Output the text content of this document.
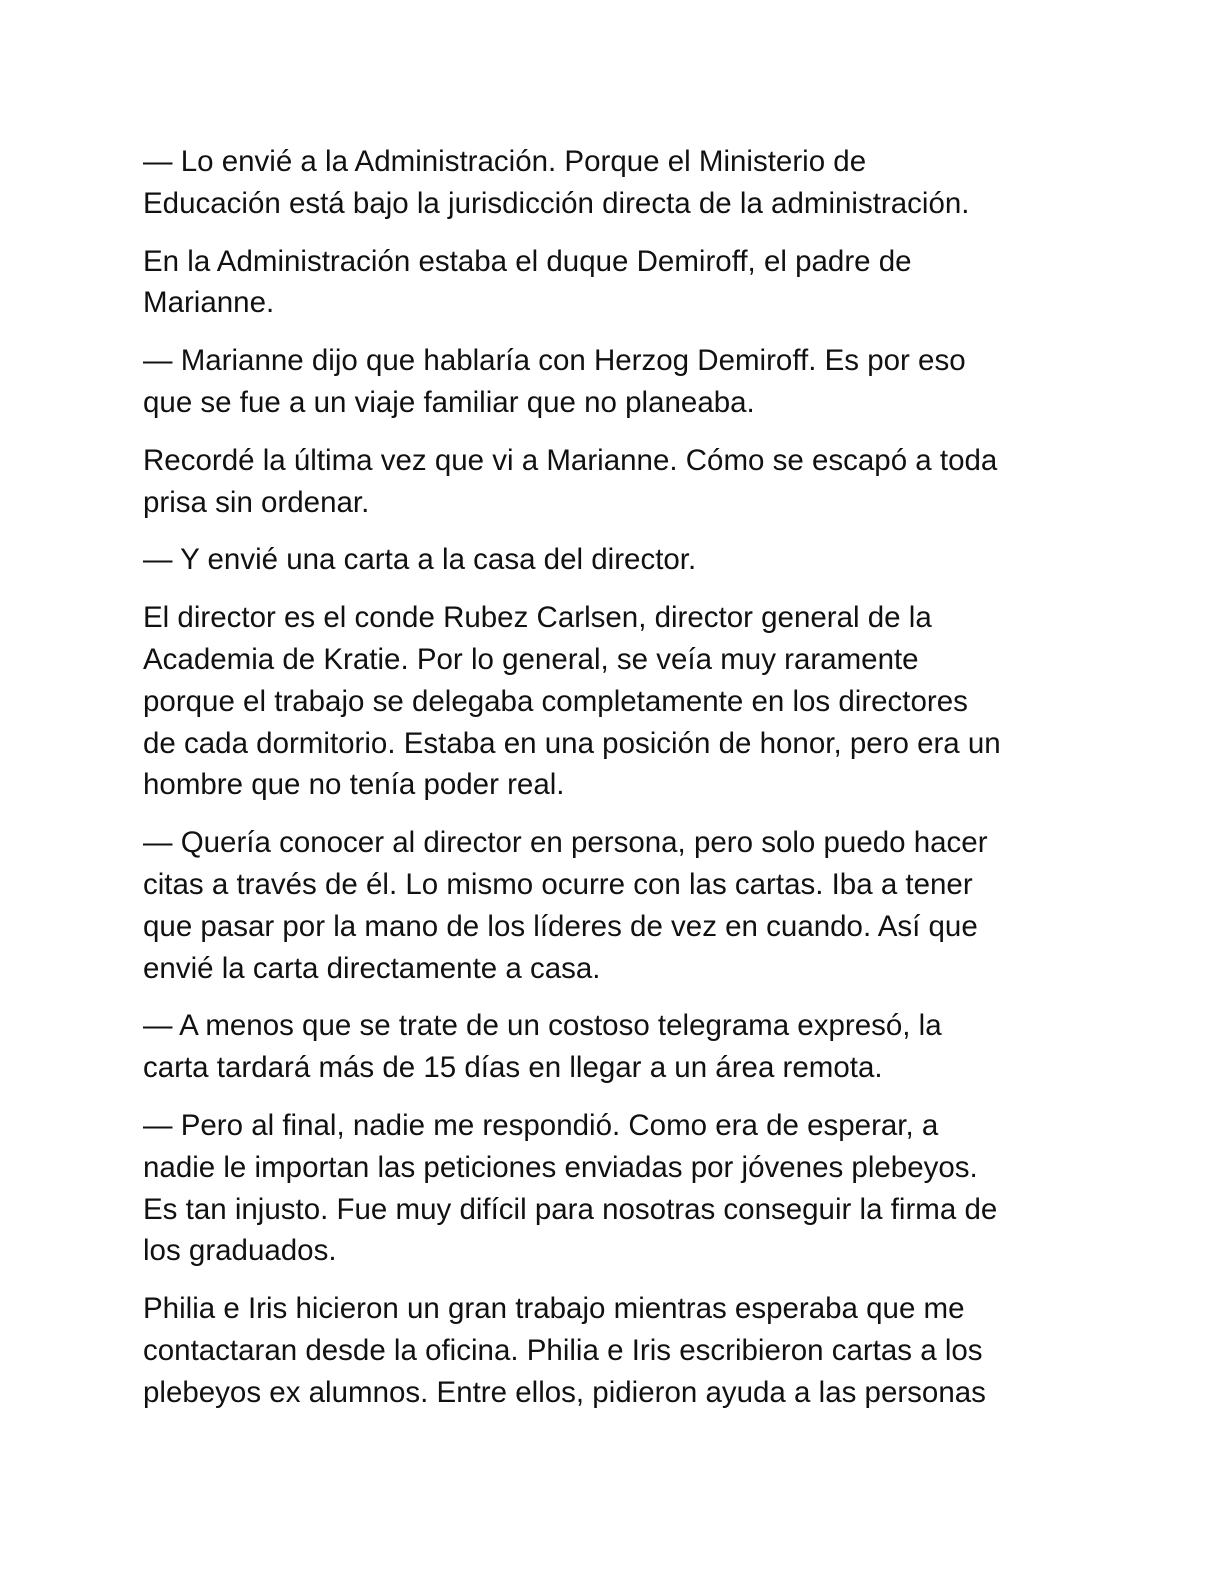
— Lo envié a la Administración. Porque el Ministerio de
Educación está bajo la jurisdicción directa de la administración.

En la Administración estaba el duque Demiroff, el padre de
Marianne.

— Marianne dijo que hablaría con Herzog Demiroff. Es por eso
que se fue a un viaje familiar que no planeaba.

Recordé la última vez que vi a Marianne. Cómo se escapó a toda
prisa sin ordenar.

— Y envié una carta a la casa del director.

El director es el conde Rubez Carlsen, director general de la
Academia de Kratie. Por lo general, se veía muy raramente
porque el trabajo se delegaba completamente en los directores
de cada dormitorio. Estaba en una posición de honor, pero era un
hombre que no tenía poder real.

— Quería conocer al director en persona, pero solo puedo hacer
citas a través de él. Lo mismo ocurre con las cartas. Iba a tener
que pasar por la mano de los líderes de vez en cuando. Así que
envié la carta directamente a casa.

— A menos que se trate de un costoso telegrama expresó, la
carta tardará más de 15 días en llegar a un área remota.

— Pero al final, nadie me respondió. Como era de esperar, a
nadie le importan las peticiones enviadas por jóvenes plebeyos.
Es tan injusto. Fue muy difícil para nosotras conseguir la firma de
los graduados.

Philia e Iris hicieron un gran trabajo mientras esperaba que me
contactaran desde la oficina. Philia e Iris escribieron cartas a los
plebeyos ex alumnos. Entre ellos, pidieron ayuda a las personas
